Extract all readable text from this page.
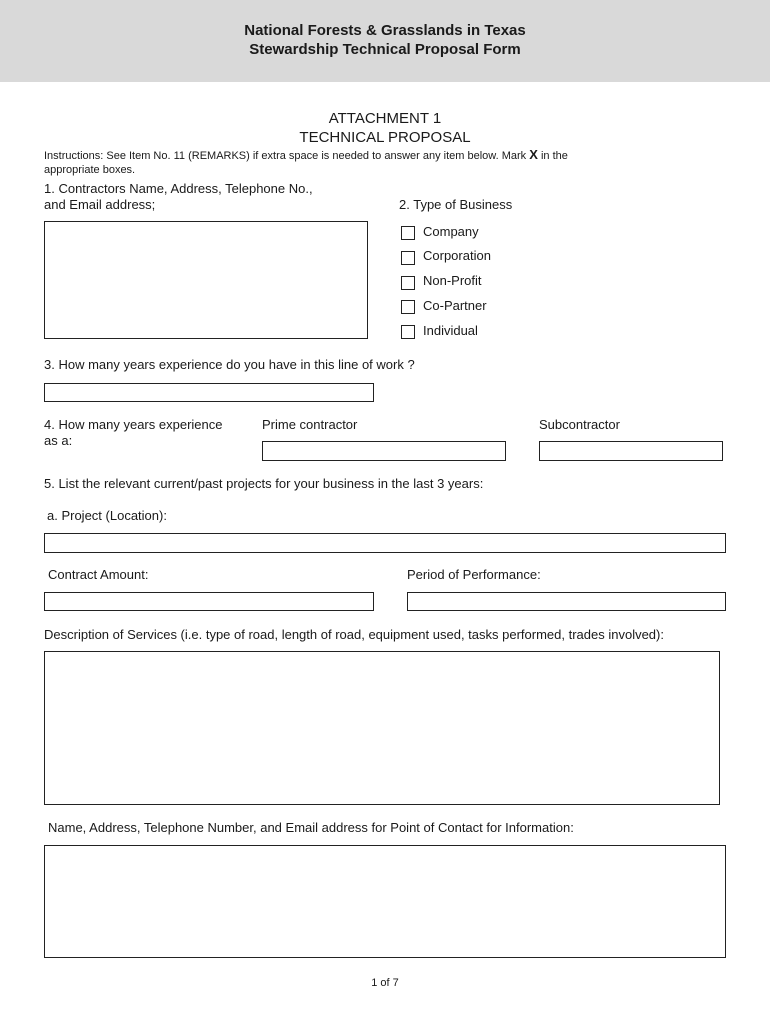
National Forests & Grasslands in Texas
Stewardship Technical Proposal Form
ATTACHMENT 1
TECHNICAL PROPOSAL
Instructions: See Item No. 11 (REMARKS) if extra space is needed to answer any item below. Mark X in the
appropriate boxes.
1. Contractors Name, Address, Telephone No.,
and Email address;	2. Type of Business
Company
Corporation
Non-Profit
Co-Partner
Individual
3. How many years experience do you have in this line of work ?
4. How many years experience
as a:
Prime contractor	Subcontractor
5. List the relevant current/past projects for your business in the last 3 years:
a. Project (Location):
Contract Amount:	Period of Performance:
Description of Services (i.e. type of road, length of road, equipment used, tasks performed, trades involved):
Name, Address, Telephone Number, and Email address for Point of Contact for Information:
1 of 7
